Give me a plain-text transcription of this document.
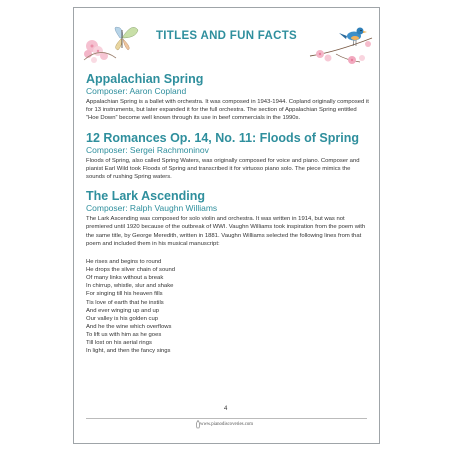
TITLES AND FUN FACTS
Appalachian Spring
Composer: Aaron Copland

Appalachian Spring is a ballet with orchestra. It was composed in 1943-1944. Copland originally composed it for 13 instruments, but later expanded it for the full orchestra. The section of Appalachian Spring entitled “Hoe Down” become well known through its use in beef commercials in the 1990s.

12 Romances Op. 14, No. 11: Floods of Spring
Composer: Sergei Rachmoninov

Floods of Spring, also called Spring Waters, was originally composed for voice and piano. Composer and pianist Earl Wild took Floods of Spring and transcribed it for virtuoso piano solo. The piece mimics the sounds of rushing Spring waters.

The Lark Ascending
Composer: Ralph Vaughn Williams

The Lark Ascending was composed for solo violin and orchestra. It was written in 1914, but was not premiered until 1920 because of the outbreak of WWI. Vaughn Williams took inspiration from the poem with the same title, by George Meredith, written in 1881. Vaughn Williams selected the following lines from that poem and included them in his musical manuscript:

He rises and begins to round
He drops the silver chain of sound
Of many links without a break
In chirrup, whistle, slur and shake
For singing till his heaven fills
Tis love of earth that he instils
And ever winging up and up
Our valley is his golden cup
And he the wine which overflows
To lift us with him as he goes
Till lost on his aerial rings
In light, and then the fancy sings
4
www.pianodiscoveries.com
